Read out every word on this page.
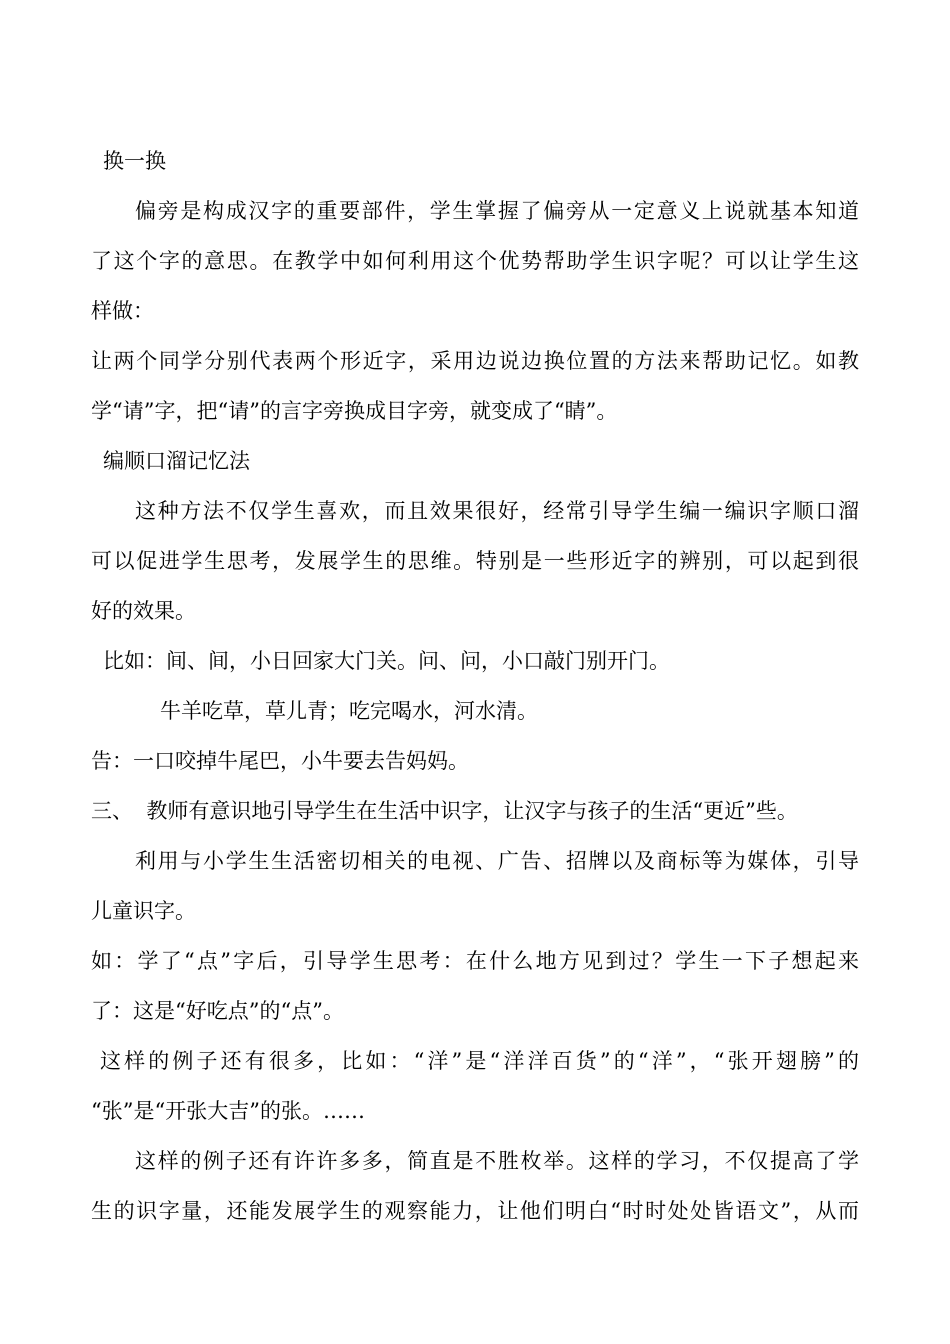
换一换
偏旁是构成汉字的重要部件，学生掌握了偏旁从一定意义上说就基本知道
了这个字的意思。在教学中如何利用这个优势帮助学生识字呢？可以让学生这
样做：
让两个同学分别代表两个形近字，采用边说边换位置的方法来帮助记忆。如教
学“请”字，把“请”的言字旁换成目字旁，就变成了“睛”。
编顺口溜记忆法
这种方法不仅学生喜欢，而且效果很好，经常引导学生编一编识字顺口溜
可以促进学生思考，发展学生的思维。特别是一些形近字的辨别，可以起到很
好的效果。
比如：间、间，小日回家大门关。问、问，小口敲门别开门。
牛羊吃草，草儿青；吃完喝水，河水清。
告：一口咬掉牛尾巴，小牛要去告妈妈。
三、  教师有意识地引导学生在生活中识字，让汉字与孩子的生活“更近”些。
利用与小学生生活密切相关的电视、广告、招牌以及商标等为媒体，引导
儿童识字。
如：学了“点”字后，引导学生思考：在什么地方见到过？学生一下子想起来
了：这是“好吃点”的“点”。
这样的例子还有很多，比如：“洋”是“洋洋百货”的“洋”，“张开翅膀”的
“张”是“开张大吉”的张。……
这样的例子还有许许多多，简直是不胜枚举。这样的学习，不仅提高了学
生的识字量，还能发展学生的观察能力，让他们明白“时时处处皆语文”，从而
